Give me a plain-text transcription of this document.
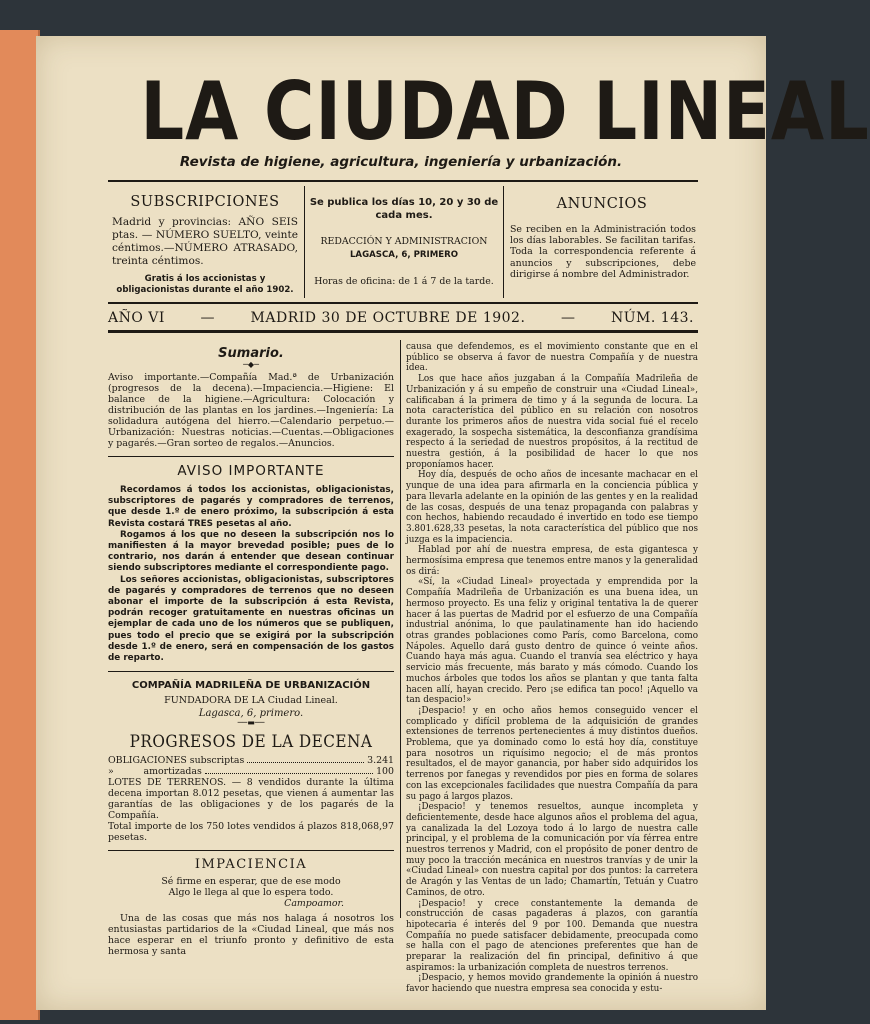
LA CIUDAD LINEAL
Revista de higiene, agricultura, ingeniería y urbanización.
SUBSCRIPCIONES
Madrid y provincias: AÑO SEIS ptas. — NÚMERO SUELTO, veinte céntimos.—NÚMERO ATRASADO, treinta céntimos.
Gratis á los accionistas y obligacionistas durante el año 1902.
Se publica los días 10, 20 y 30 de cada mes.
REDACCIÓN Y ADMINISTRACION
LAGASCA, 6, PRIMERO
Horas de oficina: de 1 á 7 de la tarde.
ANUNCIOS
Se reciben en la Administración todos los días laborables. Se facilitan tarifas. Toda la correspondencia referente á anuncios y subscripciones, debe dirigirse á nombre del Administrador.
AÑO VI	—	MADRID 30 DE OCTUBRE DE 1902.	—	NÚM. 143.
Sumario.
─◆─

Aviso importante.—Compañía Mad.ª de Urbanización (progresos de la decena).—Impaciencia.—Higiene: El balance de la higiene.—Agricultura: Colocación y distribución de las plantas en los jardines.—Ingeniería: La solidadura autógena del hierro.—Calendario perpetuo.—Urbanización: Nuestras noticias.—Cuentas.—Obligaciones y pagarés.—Gran sorteo de regalos.—Anuncios.

AVISO IMPORTANTE

Recordamos á todos los accionistas, obligacionistas, subscriptores de pagarés y compradores de terrenos, que desde 1.º de enero próximo, la subscripción á esta Revista costará TRES pesetas al año.

Rogamos á los que no deseen la subscripción nos lo manifiesten á la mayor brevedad posible; pues de lo contrario, nos darán á entender que desean continuar siendo subscriptores mediante el correspondiente pago.

Los señores accionistas, obligacionistas, subscriptores de pagarés y compradores de terrenos que no deseen abonar el importe de la subscripción á esta Revista, podrán recoger gratuitamente en nuestras oficinas un ejemplar de cada uno de los números que se publiquen, pues todo el precio que se exigirá por la subscripción desde 1.º de enero, será en compensación de los gastos de reparto.

COMPAÑÍA MADRILEÑA DE URBANIZACIÓN
FUNDADORA DE LA Ciudad Lineal.
Lagasca, 6, primero.
──▬──
PROGRESOS DE LA DECENA
OBLIGACIONES subscriptas	3.241
»          amortizadas	100

LOTES DE TERRENOS. — 8 vendidos durante la última decena importan 8.012 pesetas, que vienen á aumentar las garantías de las obligaciones y de los pagarés de la Compañía.

Total importe de los 750 lotes vendidos á plazos 818,068,97 pesetas.

IMPACIENCIA
Sé firme en esperar, que de ese modo
Algo le llega al que lo espera todo.
Campoamor.

Una de las cosas que más nos halaga á nosotros los entusiastas partidarios de la «Ciudad Lineal, que más nos hace esperar en el triunfo pronto y definitivo de esta hermosa y santa

causa que defendemos, es el movimiento constante que en el público se observa á favor de nuestra Compañía y de nuestra idea.

Los que hace años juzgaban á la Compañía Madrileña de Urbanización y á su empeño de construir una «Ciudad Lineal», calificaban á la primera de timo y á la segunda de locura. La nota característica del público en su relación con nosotros durante los primeros años de nuestra vida social fué el recelo exagerado, la sospecha sistemática, la desconfianza grandísima respecto á la seriedad de nuestros propósitos, á la rectitud de nuestra gestión, á la posibilidad de hacer lo que nos proponíamos hacer.

Hoy día, después de ocho años de incesante machacar en el yunque de una idea para afirmarla en la conciencia pública y para llevarla adelante en la opinión de las gentes y en la realidad de las cosas, después de una tenaz propaganda con palabras y con hechos, habiendo recaudado é invertido en todo ese tiempo 3.801.628,33 pesetas, la nota característica del público que nos juzga es la impaciencia.

Hablad por ahí de nuestra empresa, de esta gigantesca y hermosísima empresa que tenemos entre manos y la generalidad os dirá:

«Sí, la «Ciudad Lineal» proyectada y emprendida por la Compañía Madrileña de Urbanización es una buena idea, un hermoso proyecto. Es una feliz y original tentativa la de querer hacer á las puertas de Madrid por el esfuerzo de una Compañía industrial anónima, lo que paulatinamente han ido haciendo otras grandes poblaciones como París, como Barcelona, como Nápoles. Aquello dará gusto dentro de quince ó veinte años. Cuando haya más agua. Cuando el tranvía sea eléctrico y haya servicio más frecuente, más barato y más cómodo. Cuando los muchos árboles que todos los años se plantan y que tanta falta hacen allí, hayan crecido. Pero ¡se edifica tan poco! ¡Aquello va tan despacio!»

¡Despacio! y en ocho años hemos conseguido vencer el complicado y difícil problema de la adquisición de grandes extensiones de terrenos pertenecientes á muy distintos dueños. Problema, que ya dominado como lo está hoy día, constituye para nosotros un riquísimo negocio; el de más prontos resultados, el de mayor ganancia, por haber sido adquiridos los terrenos por fanegas y revendidos por pies en forma de solares con las excepcionales facilidades que nuestra Compañía da para su pago á largos plazos.

¡Despacio! y tenemos resueltos, aunque incompleta y deficientemente, desde hace algunos años el problema del agua, ya canalizada la del Lozoya todo á lo largo de nuestra calle principal, y el problema de la comunicación por vía férrea entre nuestros terrenos y Madrid, con el propósito de poner dentro de muy poco la tracción mecánica en nuestros tranvías y de unir la «Ciudad Lineal» con nuestra capital por dos puntos: la carretera de Aragón y las Ventas de un lado; Chamartín, Tetuán y Cuatro Caminos, de otro.

¡Despacio! y crece constantemente la demanda de construcción de casas pagaderas á plazos, con garantía hipotecaria é interés del 9 por 100. Demanda que nuestra Compañía no puede satisfacer debidamente, preocupada como se halla con el pago de atenciones preferentes que han de preparar la realización del fin principal, definitivo á que aspiramos: la urbanización completa de nuestros terrenos.

¡Despacio, y hemos movido grandemente la opinión á nuestro favor haciendo que nuestra empresa sea conocida y estu-
